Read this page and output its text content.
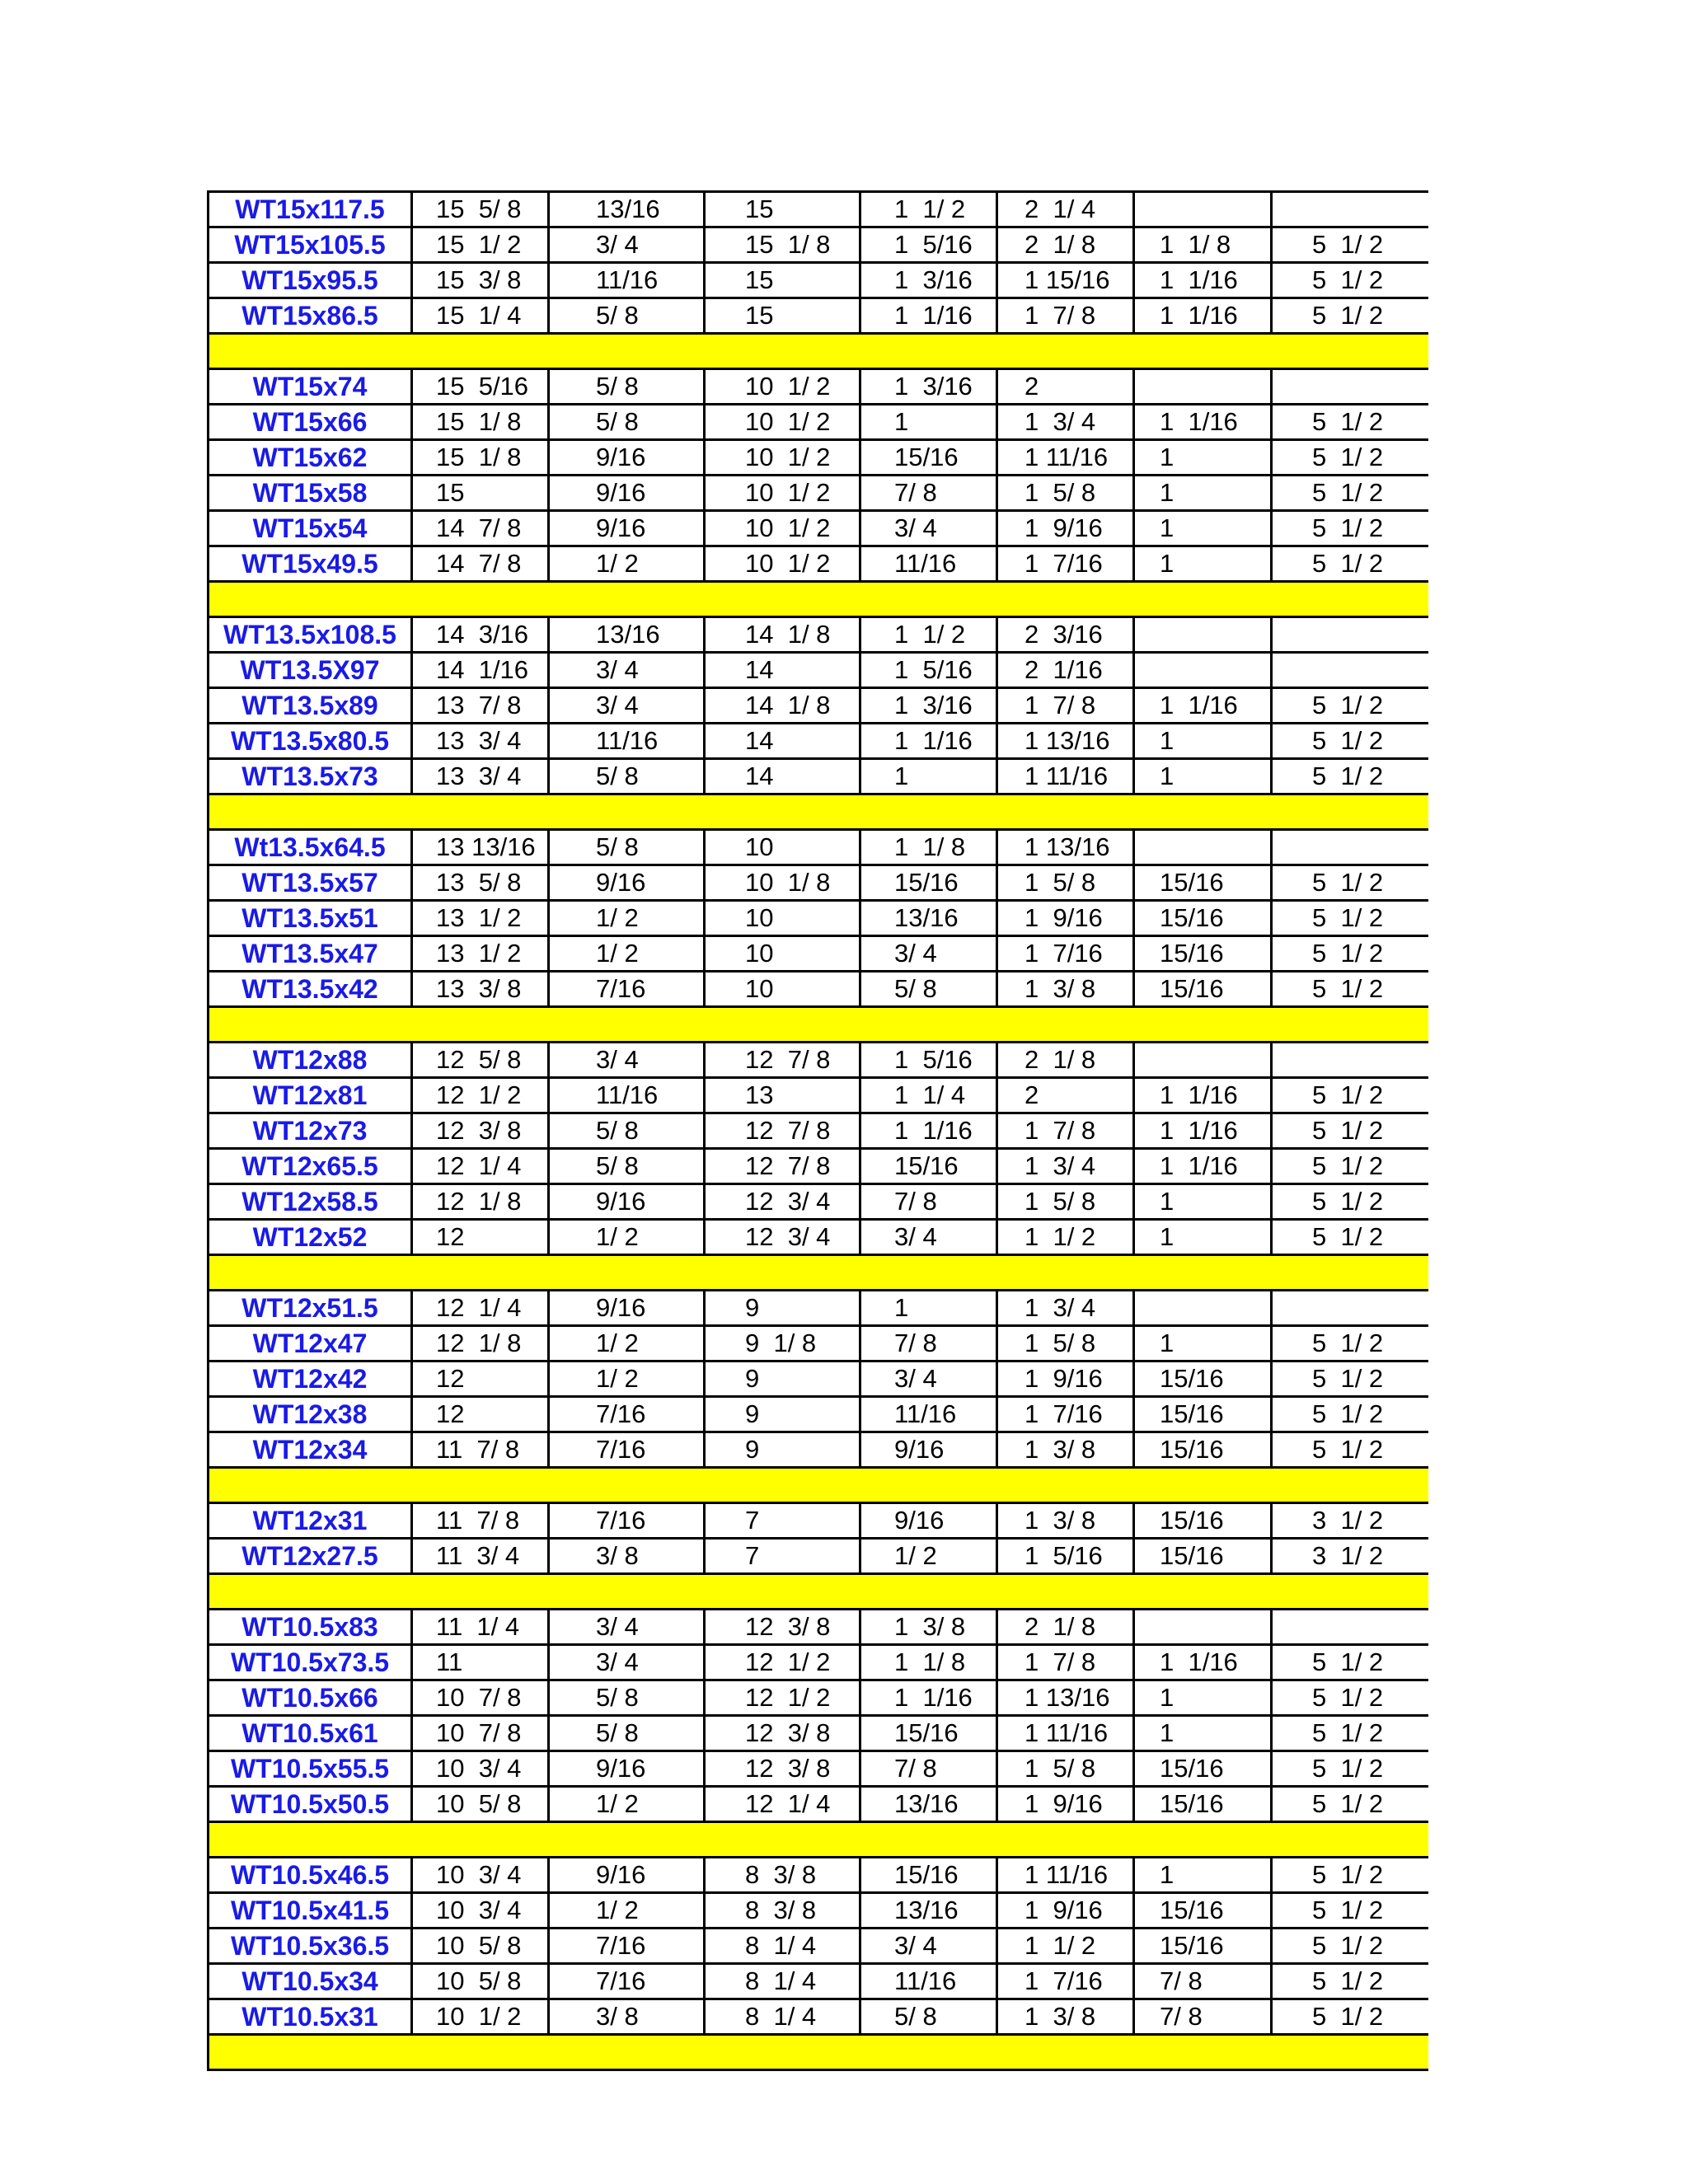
WT15x117.5	15  5/ 8	13/16	15	1  1/ 2	2  1/ 4		
WT15x105.5	15  1/ 2	3/ 4	15  1/ 8	1  5/16	2  1/ 8	1  1/ 8	5  1/ 2
WT15x95.5	15  3/ 8	11/16	15	1  3/16	1 15/16	1  1/16	5  1/ 2
WT15x86.5	15  1/ 4	5/ 8	15	1  1/16	1  7/ 8	1  1/16	5  1/ 2

WT15x74	15  5/16	5/ 8	10  1/ 2	1  3/16	2		
WT15x66	15  1/ 8	5/ 8	10  1/ 2	1	1  3/ 4	1  1/16	5  1/ 2
WT15x62	15  1/ 8	9/16	10  1/ 2	15/16	1 11/16	1	5  1/ 2
WT15x58	15	9/16	10  1/ 2	7/ 8	1  5/ 8	1	5  1/ 2
WT15x54	14  7/ 8	9/16	10  1/ 2	3/ 4	1  9/16	1	5  1/ 2
WT15x49.5	14  7/ 8	1/ 2	10  1/ 2	11/16	1  7/16	1	5  1/ 2

WT13.5x108.5	14  3/16	13/16	14  1/ 8	1  1/ 2	2  3/16		
WT13.5X97	14  1/16	3/ 4	14	1  5/16	2  1/16		
WT13.5x89	13  7/ 8	3/ 4	14  1/ 8	1  3/16	1  7/ 8	1  1/16	5  1/ 2
WT13.5x80.5	13  3/ 4	11/16	14	1  1/16	1 13/16	1	5  1/ 2
WT13.5x73	13  3/ 4	5/ 8	14	1	1 11/16	1	5  1/ 2

Wt13.5x64.5	13 13/16	5/ 8	10	1  1/ 8	1 13/16		
WT13.5x57	13  5/ 8	9/16	10  1/ 8	15/16	1  5/ 8	15/16	5  1/ 2
WT13.5x51	13  1/ 2	1/ 2	10	13/16	1  9/16	15/16	5  1/ 2
WT13.5x47	13  1/ 2	1/ 2	10	3/ 4	1  7/16	15/16	5  1/ 2
WT13.5x42	13  3/ 8	7/16	10	5/ 8	1  3/ 8	15/16	5  1/ 2

WT12x88	12  5/ 8	3/ 4	12  7/ 8	1  5/16	2  1/ 8		
WT12x81	12  1/ 2	11/16	13	1  1/ 4	2	1  1/16	5  1/ 2
WT12x73	12  3/ 8	5/ 8	12  7/ 8	1  1/16	1  7/ 8	1  1/16	5  1/ 2
WT12x65.5	12  1/ 4	5/ 8	12  7/ 8	15/16	1  3/ 4	1  1/16	5  1/ 2
WT12x58.5	12  1/ 8	9/16	12  3/ 4	7/ 8	1  5/ 8	1	5  1/ 2
WT12x52	12	1/ 2	12  3/ 4	3/ 4	1  1/ 2	1	5  1/ 2

WT12x51.5	12  1/ 4	9/16	9	1	1  3/ 4		
WT12x47	12  1/ 8	1/ 2	9  1/ 8	7/ 8	1  5/ 8	1	5  1/ 2
WT12x42	12	1/ 2	9	3/ 4	1  9/16	15/16	5  1/ 2
WT12x38	12	7/16	9	11/16	1  7/16	15/16	5  1/ 2
WT12x34	11  7/ 8	7/16	9	9/16	1  3/ 8	15/16	5  1/ 2

WT12x31	11  7/ 8	7/16	7	9/16	1  3/ 8	15/16	3  1/ 2
WT12x27.5	11  3/ 4	3/ 8	7	1/ 2	1  5/16	15/16	3  1/ 2

WT10.5x83	11  1/ 4	3/ 4	12  3/ 8	1  3/ 8	2  1/ 8		
WT10.5x73.5	11	3/ 4	12  1/ 2	1  1/ 8	1  7/ 8	1  1/16	5  1/ 2
WT10.5x66	10  7/ 8	5/ 8	12  1/ 2	1  1/16	1 13/16	1	5  1/ 2
WT10.5x61	10  7/ 8	5/ 8	12  3/ 8	15/16	1 11/16	1	5  1/ 2
WT10.5x55.5	10  3/ 4	9/16	12  3/ 8	7/ 8	1  5/ 8	15/16	5  1/ 2
WT10.5x50.5	10  5/ 8	1/ 2	12  1/ 4	13/16	1  9/16	15/16	5  1/ 2

WT10.5x46.5	10  3/ 4	9/16	8  3/ 8	15/16	1 11/16	1	5  1/ 2
WT10.5x41.5	10  3/ 4	1/ 2	8  3/ 8	13/16	1  9/16	15/16	5  1/ 2
WT10.5x36.5	10  5/ 8	7/16	8  1/ 4	3/ 4	1  1/ 2	15/16	5  1/ 2
WT10.5x34	10  5/ 8	7/16	8  1/ 4	11/16	1  7/16	7/ 8	5  1/ 2
WT10.5x31	10  1/ 2	3/ 8	8  1/ 4	5/ 8	1  3/ 8	7/ 8	5  1/ 2
